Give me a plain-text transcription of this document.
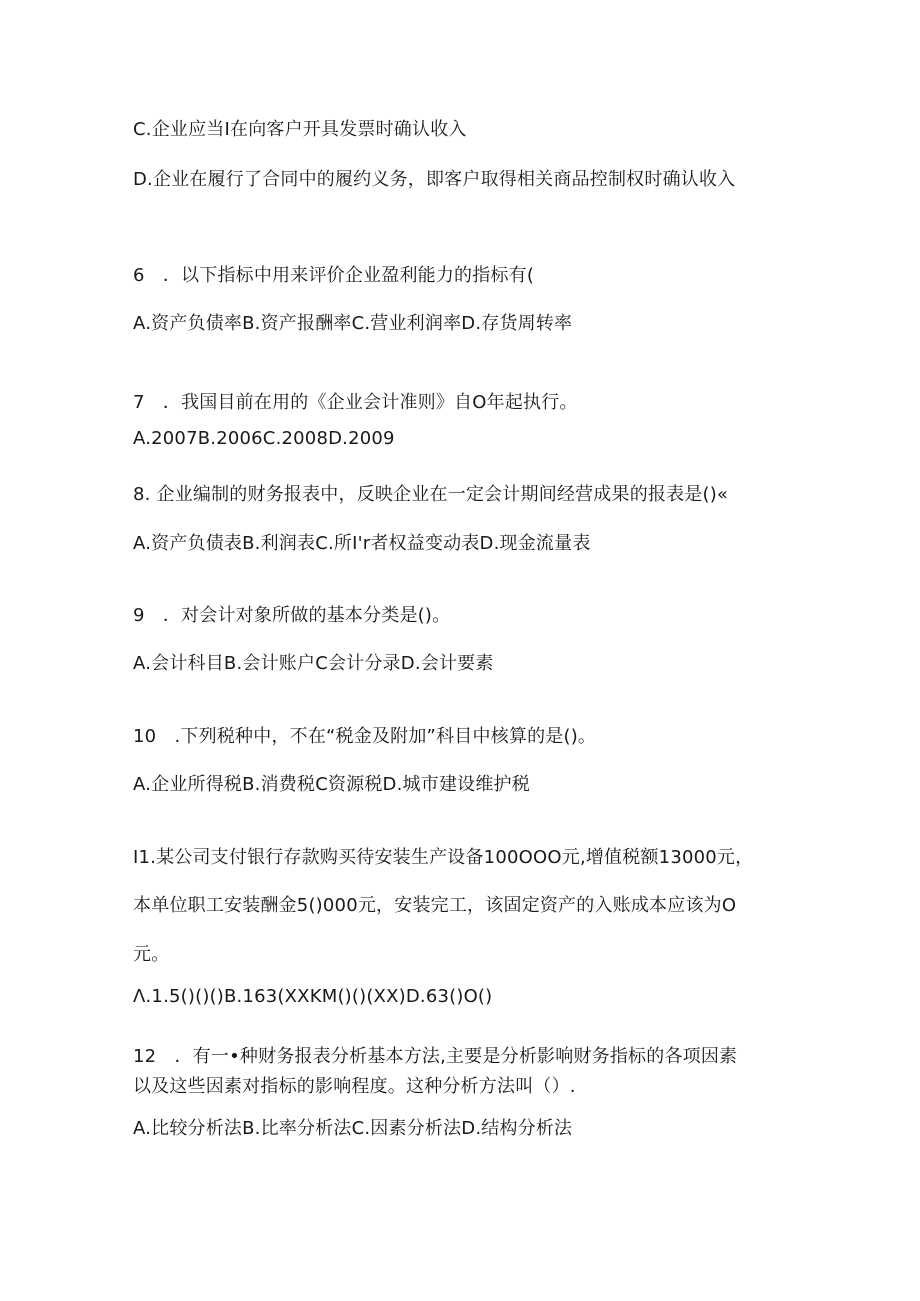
C.企业应当I在向客户开具发票时确认收入
D.企业在履行了合同中的履约义务，即客户取得相关商品控制权时确认收入
6 ．以下指标中用来评价企业盈利能力的指标有(
A.资产负债率B.资产报酬率C.营业利润率D.存货周转率
7 ．我国目前在用的《企业会计准则》自O年起执行。
A.2007B.2006C.2008D.2009
8. 企业编制的财务报表中，反映企业在一定会计期间经营成果的报表是()«
A.资产负债表B.利润表C.所I'r者权益变动表D.现金流量表
9 ．对会计对象所做的基本分类是()。
A.会计科目B.会计账户C会计分录D.会计要素
10 .下列税种中，不在“税金及附加”科目中核算的是()。
A.企业所得税B.消费税C资源税D.城市建设维护税
I1.某公司支付银行存款购买待安装生产设备100OOO元,增值税额13000元，
本单位职工安装酬金5()000元，安装完工，该固定资产的入账成本应该为O
元。
Λ.1.5()()()B.163(XXKM()()(XX)D.63()O()
12 ．有一•种财务报表分析基本方法,主要是分析影响财务指标的各项因素
以及这些因素对指标的影响程度。这种分析方法叫（）.
A.比较分析法B.比率分析法C.因素分析法D.结构分析法
